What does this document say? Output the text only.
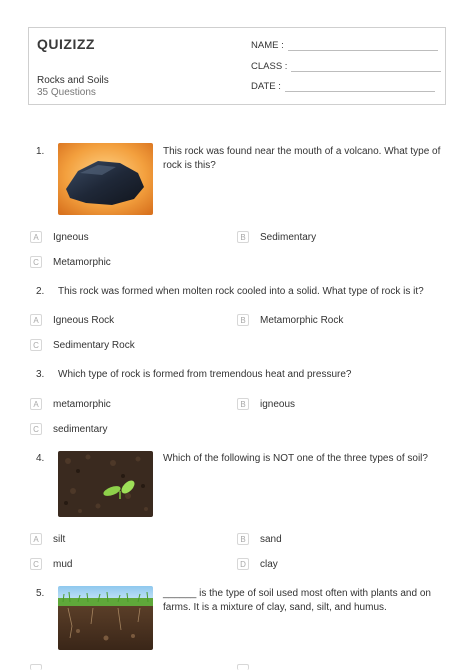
QUIZIZZ
Rocks and Soils
35 Questions
NAME :
CLASS :
DATE :
1.	This rock was found near the mouth of a volcano. What type of rock is this?
A	Igneous	B	Sedimentary
C	Metamorphic
2. This rock was formed when molten rock cooled into a solid. What type of rock is it?
A	Igneous Rock	B	Metamorphic Rock
C	Sedimentary Rock
3. Which type of rock is formed from tremendous heat and pressure?
A	metamorphic	B	igneous
C	sedimentary
4.	Which of the following is NOT one of the three types of soil?
A	silt	B	sand
C	mud	D	clay
5.	______ is the type of soil used most often with plants and on farms. It is a mixture of clay, sand, silt, and humus.
